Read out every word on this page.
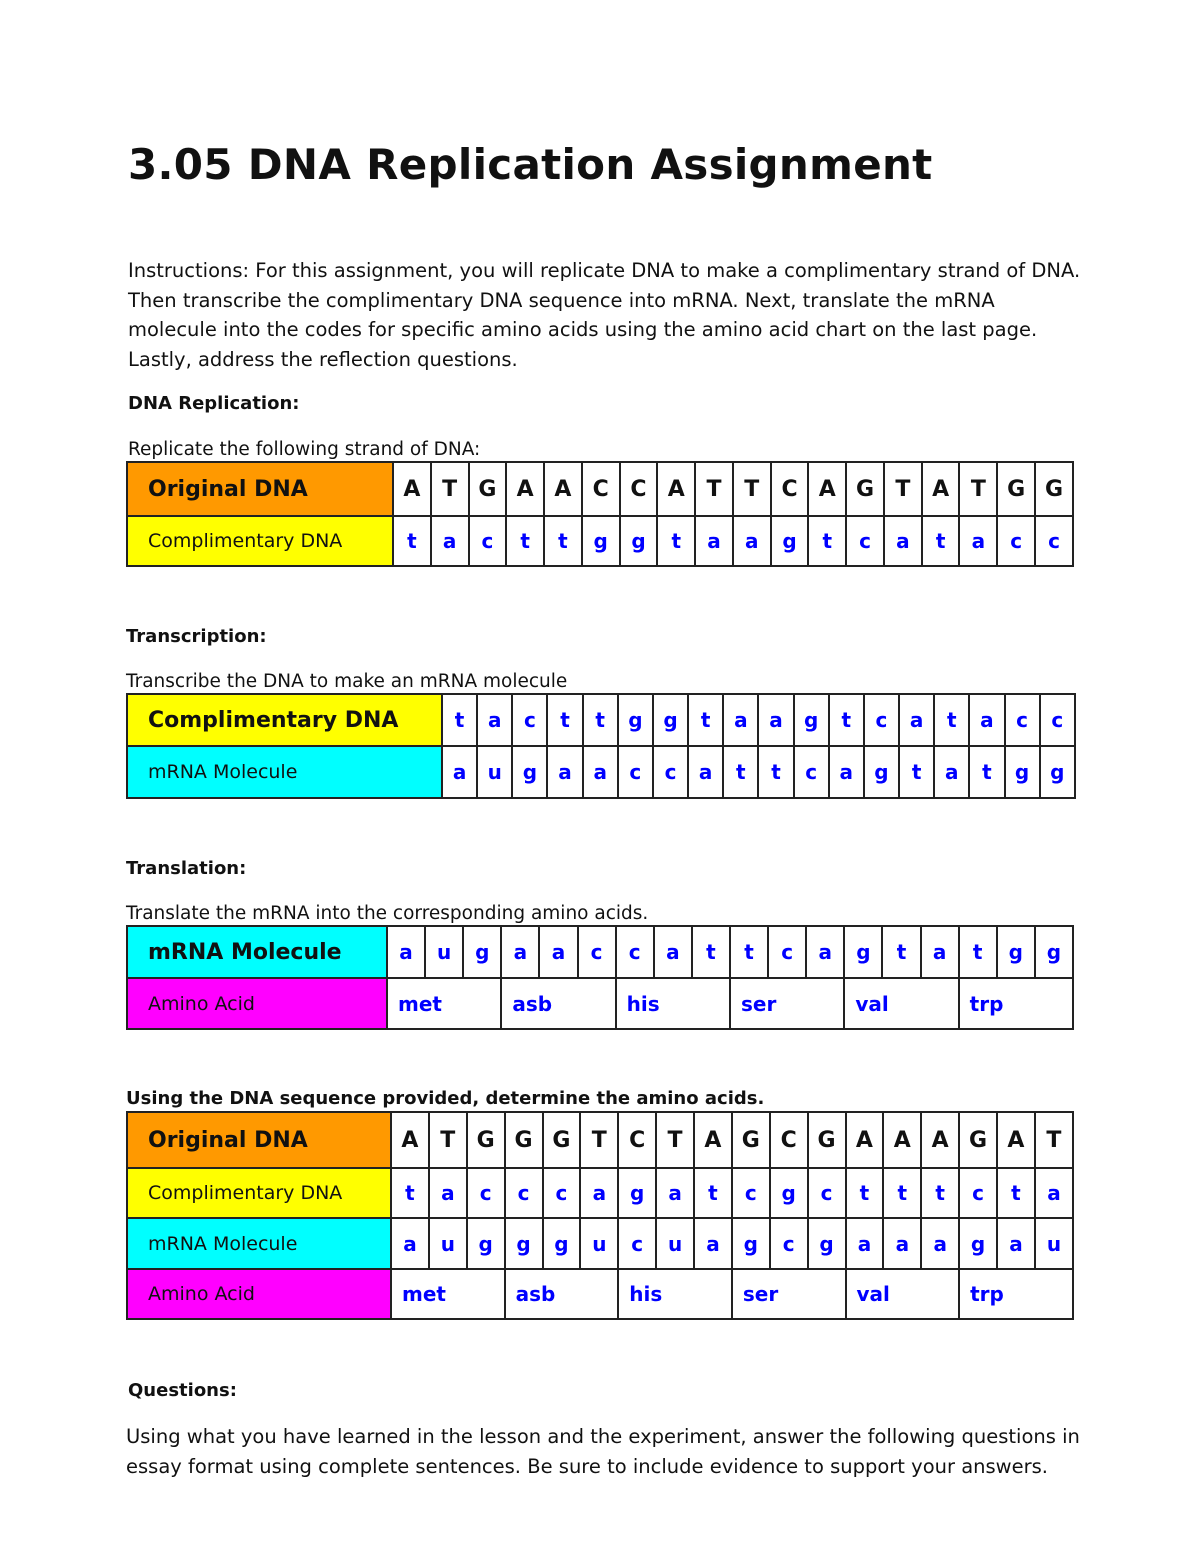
3.05 DNA Replication Assignment

Instructions: For this assignment, you will replicate DNA to make a complimentary strand of DNA. Then transcribe the complimentary DNA sequence into mRNA. Next, translate the mRNA molecule into the codes for specific amino acids using the amino acid chart on the last page. Lastly, address the reflection questions.

DNA Replication:

Replicate the following strand of DNA:

Original DNA	A	T	G	A	A	C	C	A	T	T	C	A	G	T	A	T	G	G
Complimentary DNA	t	a	c	t	t	g	g	t	a	a	g	t	c	a	t	a	c	c

Transcription:

Transcribe the DNA to make an mRNA molecule

Complimentary DNA	t	a	c	t	t	g	g	t	a	a	g	t	c	a	t	a	c	c
mRNA Molecule	a	u	g	a	a	c	c	a	t	t	c	a	g	t	a	t	g	g

Translation:

Translate the mRNA into the corresponding amino acids.

mRNA Molecule	a	u	g	a	a	c	c	a	t	t	c	a	g	t	a	t	g	g
Amino Acid	met			asb			his			ser			val			trp		

Using the DNA sequence provided, determine the amino acids.

Original DNA	A	T	G	G	G	T	C	T	A	G	C	G	A	A	A	G	A	T
Complimentary DNA	t	a	c	c	c	a	g	a	t	c	g	c	t	t	t	c	t	a
mRNA Molecule	a	u	g	g	g	u	c	u	a	g	c	g	a	a	a	g	a	u
Amino Acid	met			asb			his			ser			val			trp		

Questions:

Using what you have learned in the lesson and the experiment, answer the following questions in essay format using complete sentences. Be sure to include evidence to support your answers.
